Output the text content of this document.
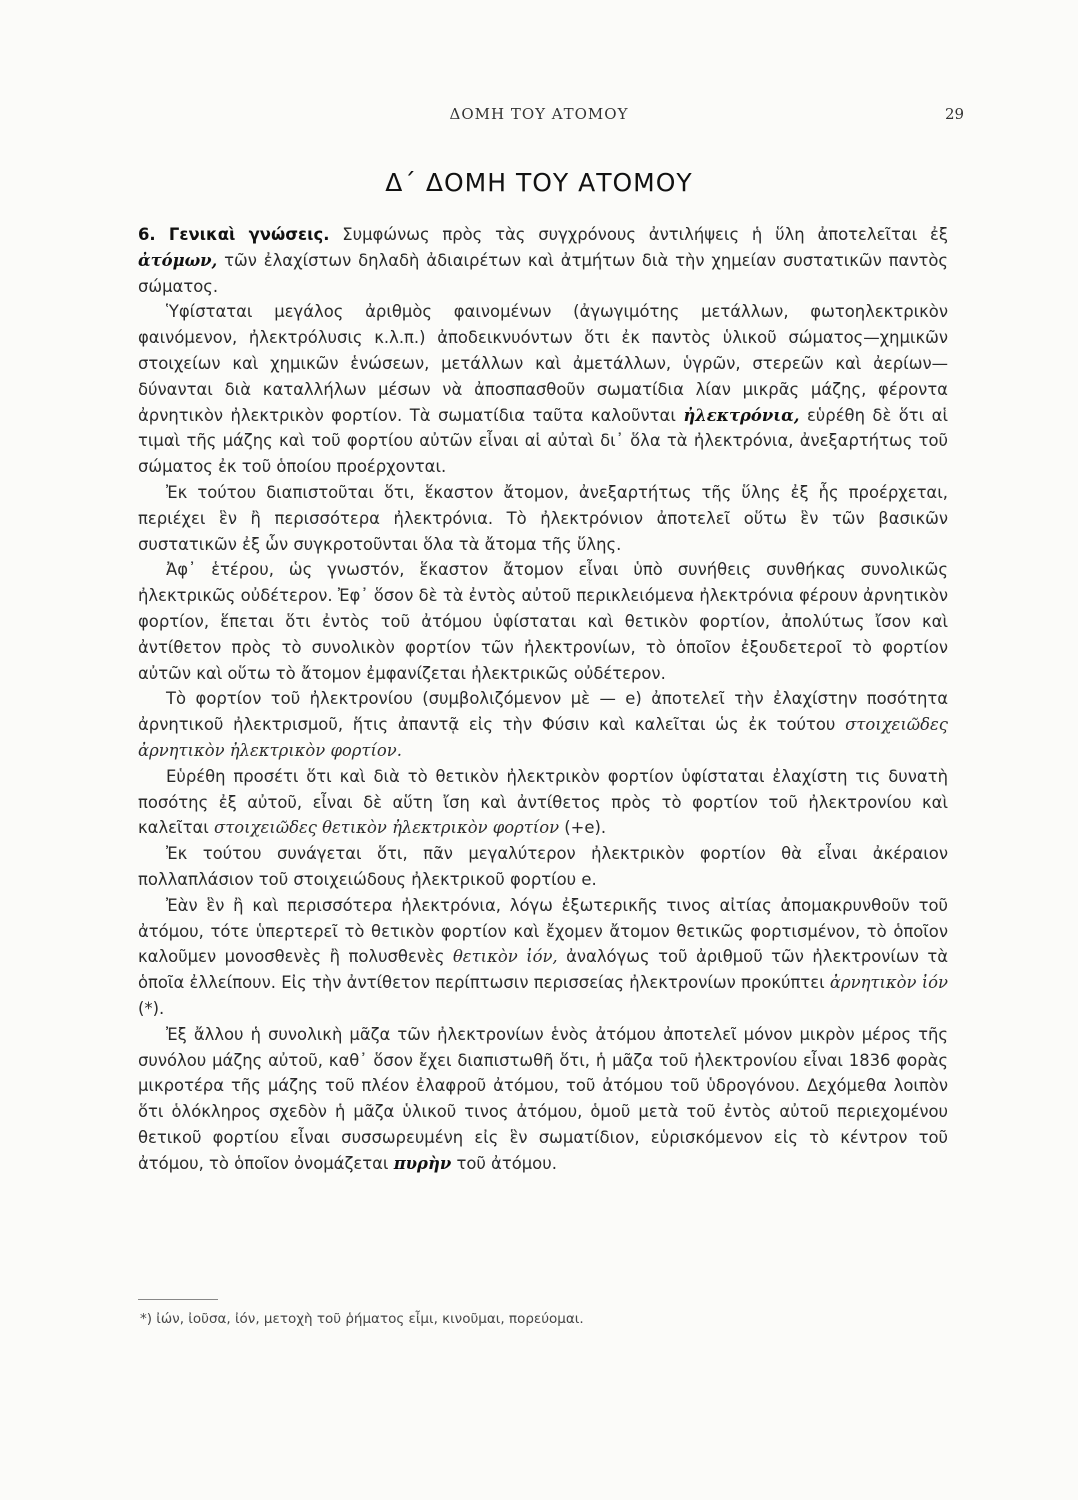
ΔΟΜΗ ΤΟΥ ΑΤΟΜΟΥ	29
Δ΄ ΔΟΜΗ ΤΟΥ ΑΤΟΜΟΥ

6. Γενικαὶ γνώσεις. Συμφώνως πρὸς τὰς συγχρόνους ἀντιλήψεις ἡ ὕλη ἀποτελεῖται ἐξ ἀτόμων, τῶν ἐλαχίστων δηλαδὴ ἀδιαιρέτων καὶ ἀτμήτων διὰ τὴν χημείαν συστατικῶν παντὸς σώματος.

Ὑφίσταται μεγάλος ἀριθμὸς φαινομένων (ἀγωγιμότης μετάλλων, φωτοηλεκτρικὸν φαινόμενον, ἠλεκτρόλυσις κ.λ.π.) ἀποδεικνυόντων ὅτι ἐκ παντὸς ὑλικοῦ σώματος—χημικῶν στοιχείων καὶ χημικῶν ἑνώσεων, μετάλλων καὶ ἀμετάλλων, ὑγρῶν, στερεῶν καὶ ἀερίων—δύνανται διὰ καταλλήλων μέσων νὰ ἀποσπασθοῦν σωματίδια λίαν μικρᾶς μάζης, φέροντα ἀρνητικὸν ἠλεκτρικὸν φορτίον. Τὰ σωματίδια ταῦτα καλοῦνται ἠλεκτρόνια, εὑρέθη δὲ ὅτι αἱ τιμαὶ τῆς μάζης καὶ τοῦ φορτίου αὐτῶν εἶναι αἱ αὐταὶ δι᾽ ὅλα τὰ ἠλεκτρόνια, ἀνεξαρτήτως τοῦ σώματος ἐκ τοῦ ὁποίου προέρχονται.

Ἐκ τούτου διαπιστοῦται ὅτι, ἕκαστον ἄτομον, ἀνεξαρτήτως τῆς ὕλης ἐξ ἧς προέρχεται, περιέχει ἓν ἢ περισσότερα ἠλεκτρόνια. Τὸ ἠλεκτρόνιον ἀποτελεῖ οὕτω ἓν τῶν βασικῶν συστατικῶν ἐξ ὧν συγκροτοῦνται ὅλα τὰ ἄτομα τῆς ὕλης.

Ἀφ᾽ ἑτέρου, ὡς γνωστόν, ἕκαστον ἄτομον εἶναι ὑπὸ συνήθεις συνθήκας συνολικῶς ἠλεκτρικῶς οὐδέτερον. Ἐφ᾽ ὅσον δὲ τὰ ἐντὸς αὐτοῦ περικλειόμενα ἠλεκτρόνια φέρουν ἀρνητικὸν φορτίον, ἕπεται ὅτι ἐντὸς τοῦ ἀτόμου ὑφίσταται καὶ θετικὸν φορτίον, ἀπολύτως ἴσον καὶ ἀντίθετον πρὸς τὸ συνολικὸν φορτίον τῶν ἠλεκτρονίων, τὸ ὁποῖον ἐξουδετεροῖ τὸ φορτίον αὐτῶν καὶ οὕτω τὸ ἄτομον ἐμφανίζεται ἠλεκτρικῶς οὐδέτερον.

Τὸ φορτίον τοῦ ἠλεκτρονίου (συμβολιζόμενον μὲ — e) ἀποτελεῖ τὴν ἐλαχίστην ποσότητα ἀρνητικοῦ ἠλεκτρισμοῦ, ἥτις ἀπαντᾷ εἰς τὴν Φύσιν καὶ καλεῖται ὡς ἐκ τούτου στοιχειῶδες ἀρνητικὸν ἠλεκτρικὸν φορτίον.

Εὑρέθη προσέτι ὅτι καὶ διὰ τὸ θετικὸν ἠλεκτρικὸν φορτίον ὑφίσταται ἐλαχίστη τις δυνατὴ ποσότης ἐξ αὐτοῦ, εἶναι δὲ αὕτη ἴση καὶ ἀντίθετος πρὸς τὸ φορτίον τοῦ ἠλεκτρονίου καὶ καλεῖται στοιχειῶδες θετικὸν ἠλεκτρικὸν φορτίον (+e).

Ἐκ τούτου συνάγεται ὅτι, πᾶν μεγαλύτερον ἠλεκτρικὸν φορτίον θὰ εἶναι ἀκέραιον πολλαπλάσιον τοῦ στοιχειώδους ἠλεκτρικοῦ φορτίου e.

Ἐὰν ἓν ἢ καὶ περισσότερα ἠλεκτρόνια, λόγω ἐξωτερικῆς τινος αἰτίας ἀπομακρυνθοῦν τοῦ ἀτόμου, τότε ὑπερτερεῖ τὸ θετικὸν φορτίον καὶ ἔχομεν ἄτομον θετικῶς φορτισμένον, τὸ ὁποῖον καλοῦμεν μονοσθενὲς ἢ πολυσθενὲς θετικὸν ἰόν, ἀναλόγως τοῦ ἀριθμοῦ τῶν ἠλεκτρονίων τὰ ὁποῖα ἐλλείπουν. Εἰς τὴν ἀντίθετον περίπτωσιν περισσείας ἠλεκτρονίων προκύπτει ἀρνητικὸν ἰόν (*).

Ἐξ ἄλλου ἡ συνολικὴ μᾶζα τῶν ἠλεκτρονίων ἑνὸς ἀτόμου ἀποτελεῖ μόνον μικρὸν μέρος τῆς συνόλου μάζης αὐτοῦ, καθ᾽ ὅσον ἔχει διαπιστωθῆ ὅτι, ἡ μᾶζα τοῦ ἠλεκτρονίου εἶναι 1836 φορὰς μικροτέρα τῆς μάζης τοῦ πλέον ἐλαφροῦ ἀτόμου, τοῦ ἀτόμου τοῦ ὑδρογόνου. Δεχόμεθα λοιπὸν ὅτι ὁλόκληρος σχεδὸν ἡ μᾶζα ὑλικοῦ τινος ἀτόμου, ὁμοῦ μετὰ τοῦ ἐντὸς αὐτοῦ περιεχομένου θετικοῦ φορτίου εἶναι συσσωρευμένη εἰς ἓν σωματίδιον, εὑρισκόμενον εἰς τὸ κέντρον τοῦ ἀτόμου, τὸ ὁποῖον ὀνομάζεται πυρὴν τοῦ ἀτόμου.

*) ἰών, ἰοῦσα, ἰόν, μετοχὴ τοῦ ῥήματος εἶμι, κινοῦμαι, πορεύομαι.
